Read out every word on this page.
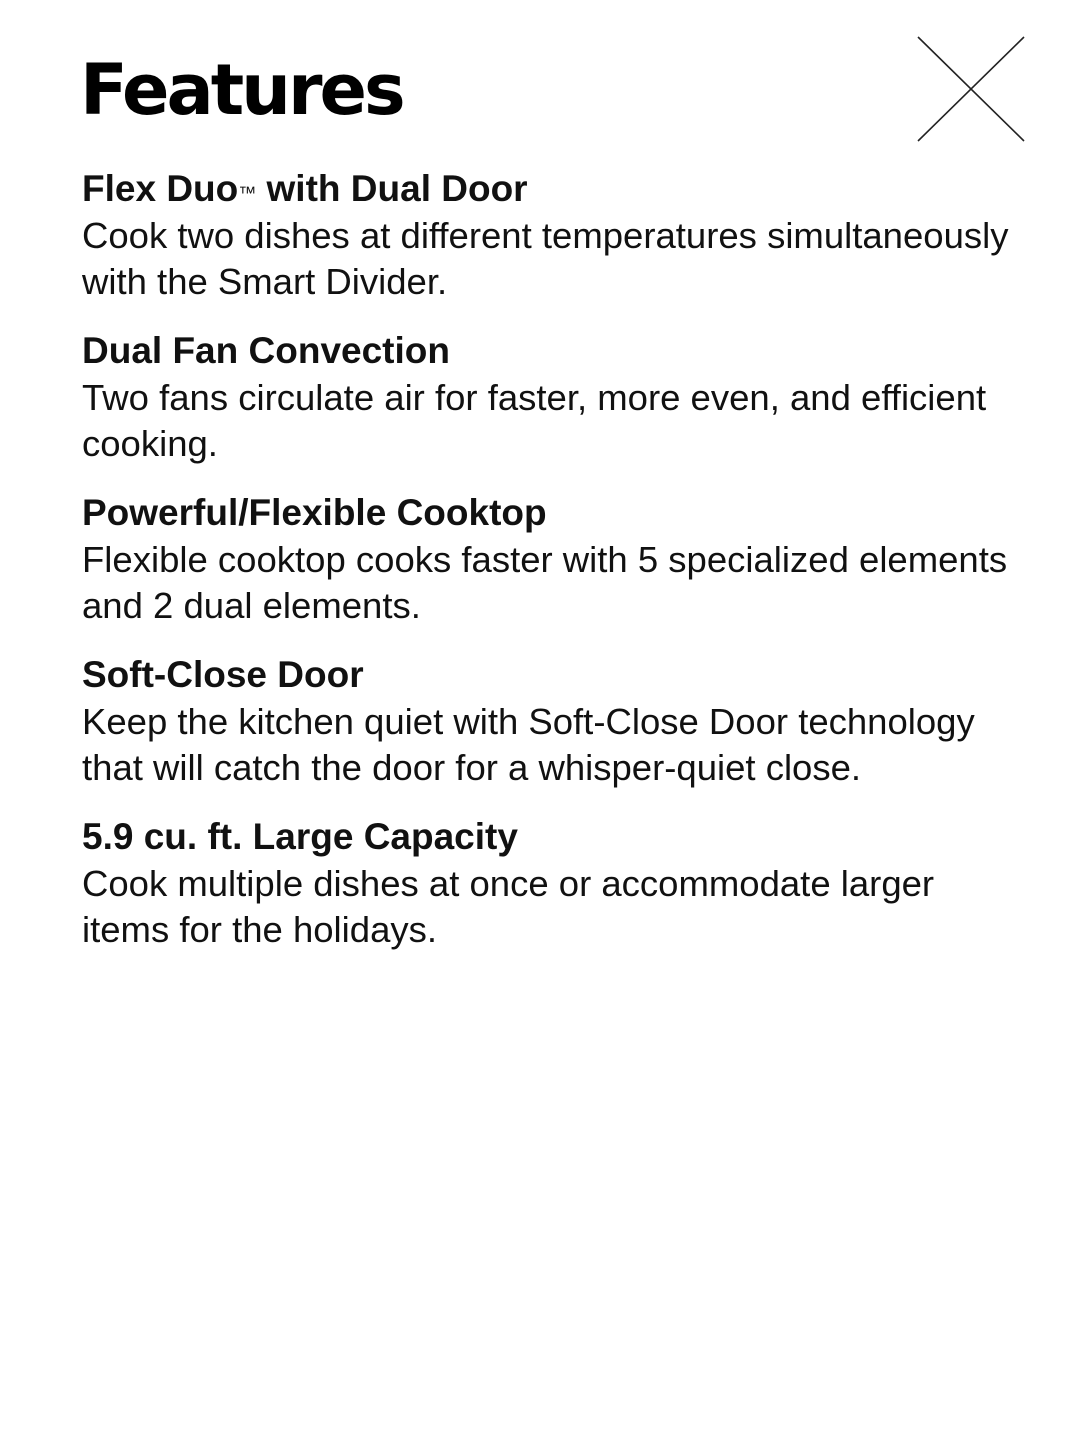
Features
Flex Duo™ with Dual Door

Cook two dishes at different temperatures simultaneously with the Smart Divider.

Dual Fan Convection

Two fans circulate air for faster, more even, and efficient cooking.

Powerful/Flexible Cooktop

Flexible cooktop cooks faster with 5 specialized elements and 2 dual elements.

Soft-Close Door

Keep the kitchen quiet with Soft-Close Door technology that will catch the door for a whisper-quiet close.

5.9 cu. ft. Large Capacity

Cook multiple dishes at once or accommodate larger items for the holidays.
